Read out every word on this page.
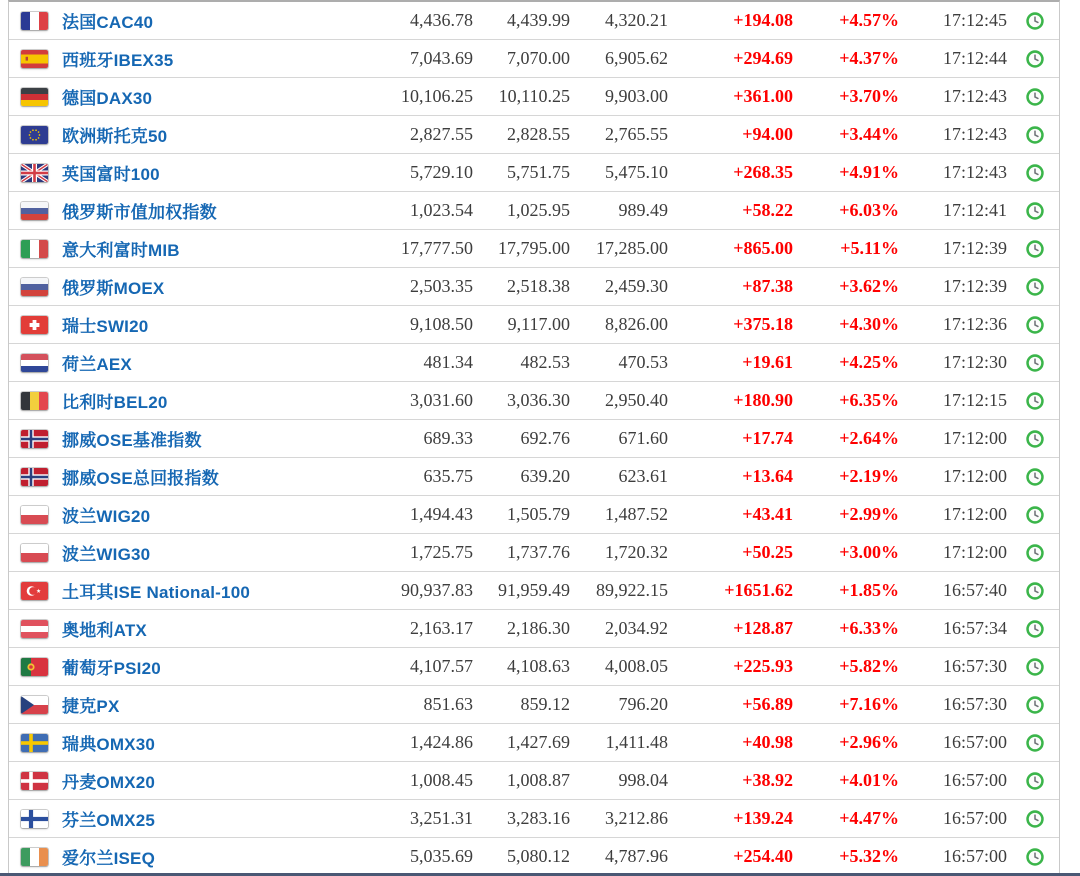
法国CAC40	4,436.78	4,439.99	4,320.21	+194.08	+4.57%	17:12:45
西班牙IBEX35	7,043.69	7,070.00	6,905.62	+294.69	+4.37%	17:12:44
德国DAX30	10,106.25	10,110.25	9,903.00	+361.00	+3.70%	17:12:43
欧洲斯托克50	2,827.55	2,828.55	2,765.55	+94.00	+3.44%	17:12:43
英国富时100	5,729.10	5,751.75	5,475.10	+268.35	+4.91%	17:12:43
俄罗斯市值加权指数	1,023.54	1,025.95	989.49	+58.22	+6.03%	17:12:41
意大利富时MIB	17,777.50	17,795.00	17,285.00	+865.00	+5.11%	17:12:39
俄罗斯MOEX	2,503.35	2,518.38	2,459.30	+87.38	+3.62%	17:12:39
瑞士SWI20	9,108.50	9,117.00	8,826.00	+375.18	+4.30%	17:12:36
荷兰AEX	481.34	482.53	470.53	+19.61	+4.25%	17:12:30
比利时BEL20	3,031.60	3,036.30	2,950.40	+180.90	+6.35%	17:12:15
挪威OSE基准指数	689.33	692.76	671.60	+17.74	+2.64%	17:12:00
挪威OSE总回报指数	635.75	639.20	623.61	+13.64	+2.19%	17:12:00
波兰WIG20	1,494.43	1,505.79	1,487.52	+43.41	+2.99%	17:12:00
波兰WIG30	1,725.75	1,737.76	1,720.32	+50.25	+3.00%	17:12:00
土耳其ISE National-100	90,937.83	91,959.49	89,922.15	+1651.62	+1.85%	16:57:40
奥地利ATX	2,163.17	2,186.30	2,034.92	+128.87	+6.33%	16:57:34
葡萄牙PSI20	4,107.57	4,108.63	4,008.05	+225.93	+5.82%	16:57:30
捷克PX	851.63	859.12	796.20	+56.89	+7.16%	16:57:30
瑞典OMX30	1,424.86	1,427.69	1,411.48	+40.98	+2.96%	16:57:00
丹麦OMX20	1,008.45	1,008.87	998.04	+38.92	+4.01%	16:57:00
芬兰OMX25	3,251.31	3,283.16	3,212.86	+139.24	+4.47%	16:57:00
爱尔兰ISEQ	5,035.69	5,080.12	4,787.96	+254.40	+5.32%	16:57:00
